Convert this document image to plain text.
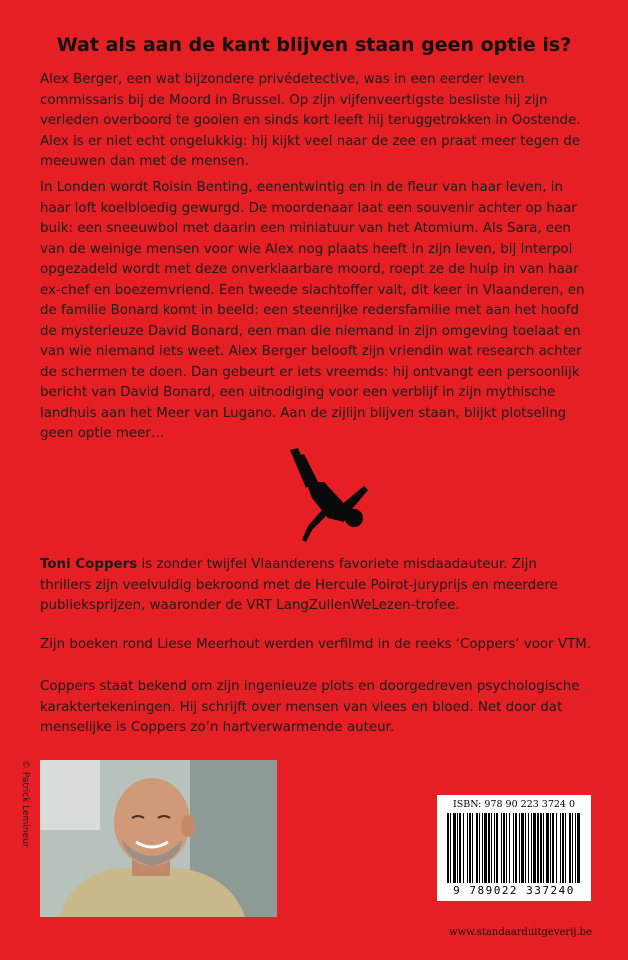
Wat als aan de kant blijven staan geen optie is?

Alex Berger, een wat bijzondere privédetective, was in een eerder leven commissaris bij de Moord in Brussel. Op zijn vijfenveertigste besliste hij zijn verleden overboord te gooien en sinds kort leeft hij teruggetrokken in Oostende. Alex is er niet echt ongelukkig: hij kijkt veel naar de zee en praat meer tegen de meeuwen dan met de mensen.

In Londen wordt Roisin Benting, eenentwintig en in de fleur van haar leven, in haar loft koelbloedig gewurgd. De moordenaar laat een souvenir achter op haar buik: een sneeuwbol met daarin een miniatuur van het Atomium. Als Sara, een van de weinige mensen voor wie Alex nog plaats heeft in zijn leven, bij Interpol opgezadeld wordt met deze onverklaarbare moord, roept ze de hulp in van haar ex-chef en boezemvriend. Een tweede slachtoffer valt, dit keer in Vlaanderen, en de familie Bonard komt in beeld: een steenrijke redersfamilie met aan het hoofd de mysterieuze David Bonard, een man die niemand in zijn omgeving toelaat en van wie niemand iets weet. Alex Berger belooft zijn vriendin wat research achter de schermen te doen. Dan gebeurt er iets vreemds: hij ontvangt een persoonlijk bericht van David Bonard, een uitnodiging voor een verblijf in zijn mythische landhuis aan het Meer van Lugano. Aan de zijlijn blijven staan, blijkt plotseling geen optie meer…

Toni Coppers is zonder twijfel Vlaanderens favoriete misdaadauteur. Zijn thrillers zijn veelvuldig bekroond met de Hercule Poirot-juryprijs en meerdere publieksprijzen, waaronder de VRT LangZullenWeLezen-trofee.

Zijn boeken rond Liese Meerhout werden verfilmd in de reeks ‘Coppers’ voor VTM.

Coppers staat bekend om zijn ingenieuze plots en doorgedreven psychologische karaktertekeningen. Hij schrijft over mensen van vlees en bloed. Net door dat menselijke is Coppers zo’n hartverwarmende auteur.

© Patrick Lemineur	ISBN: 978 90 223 3724 0
9 789022 337240
www.standaarduitgeverij.be
